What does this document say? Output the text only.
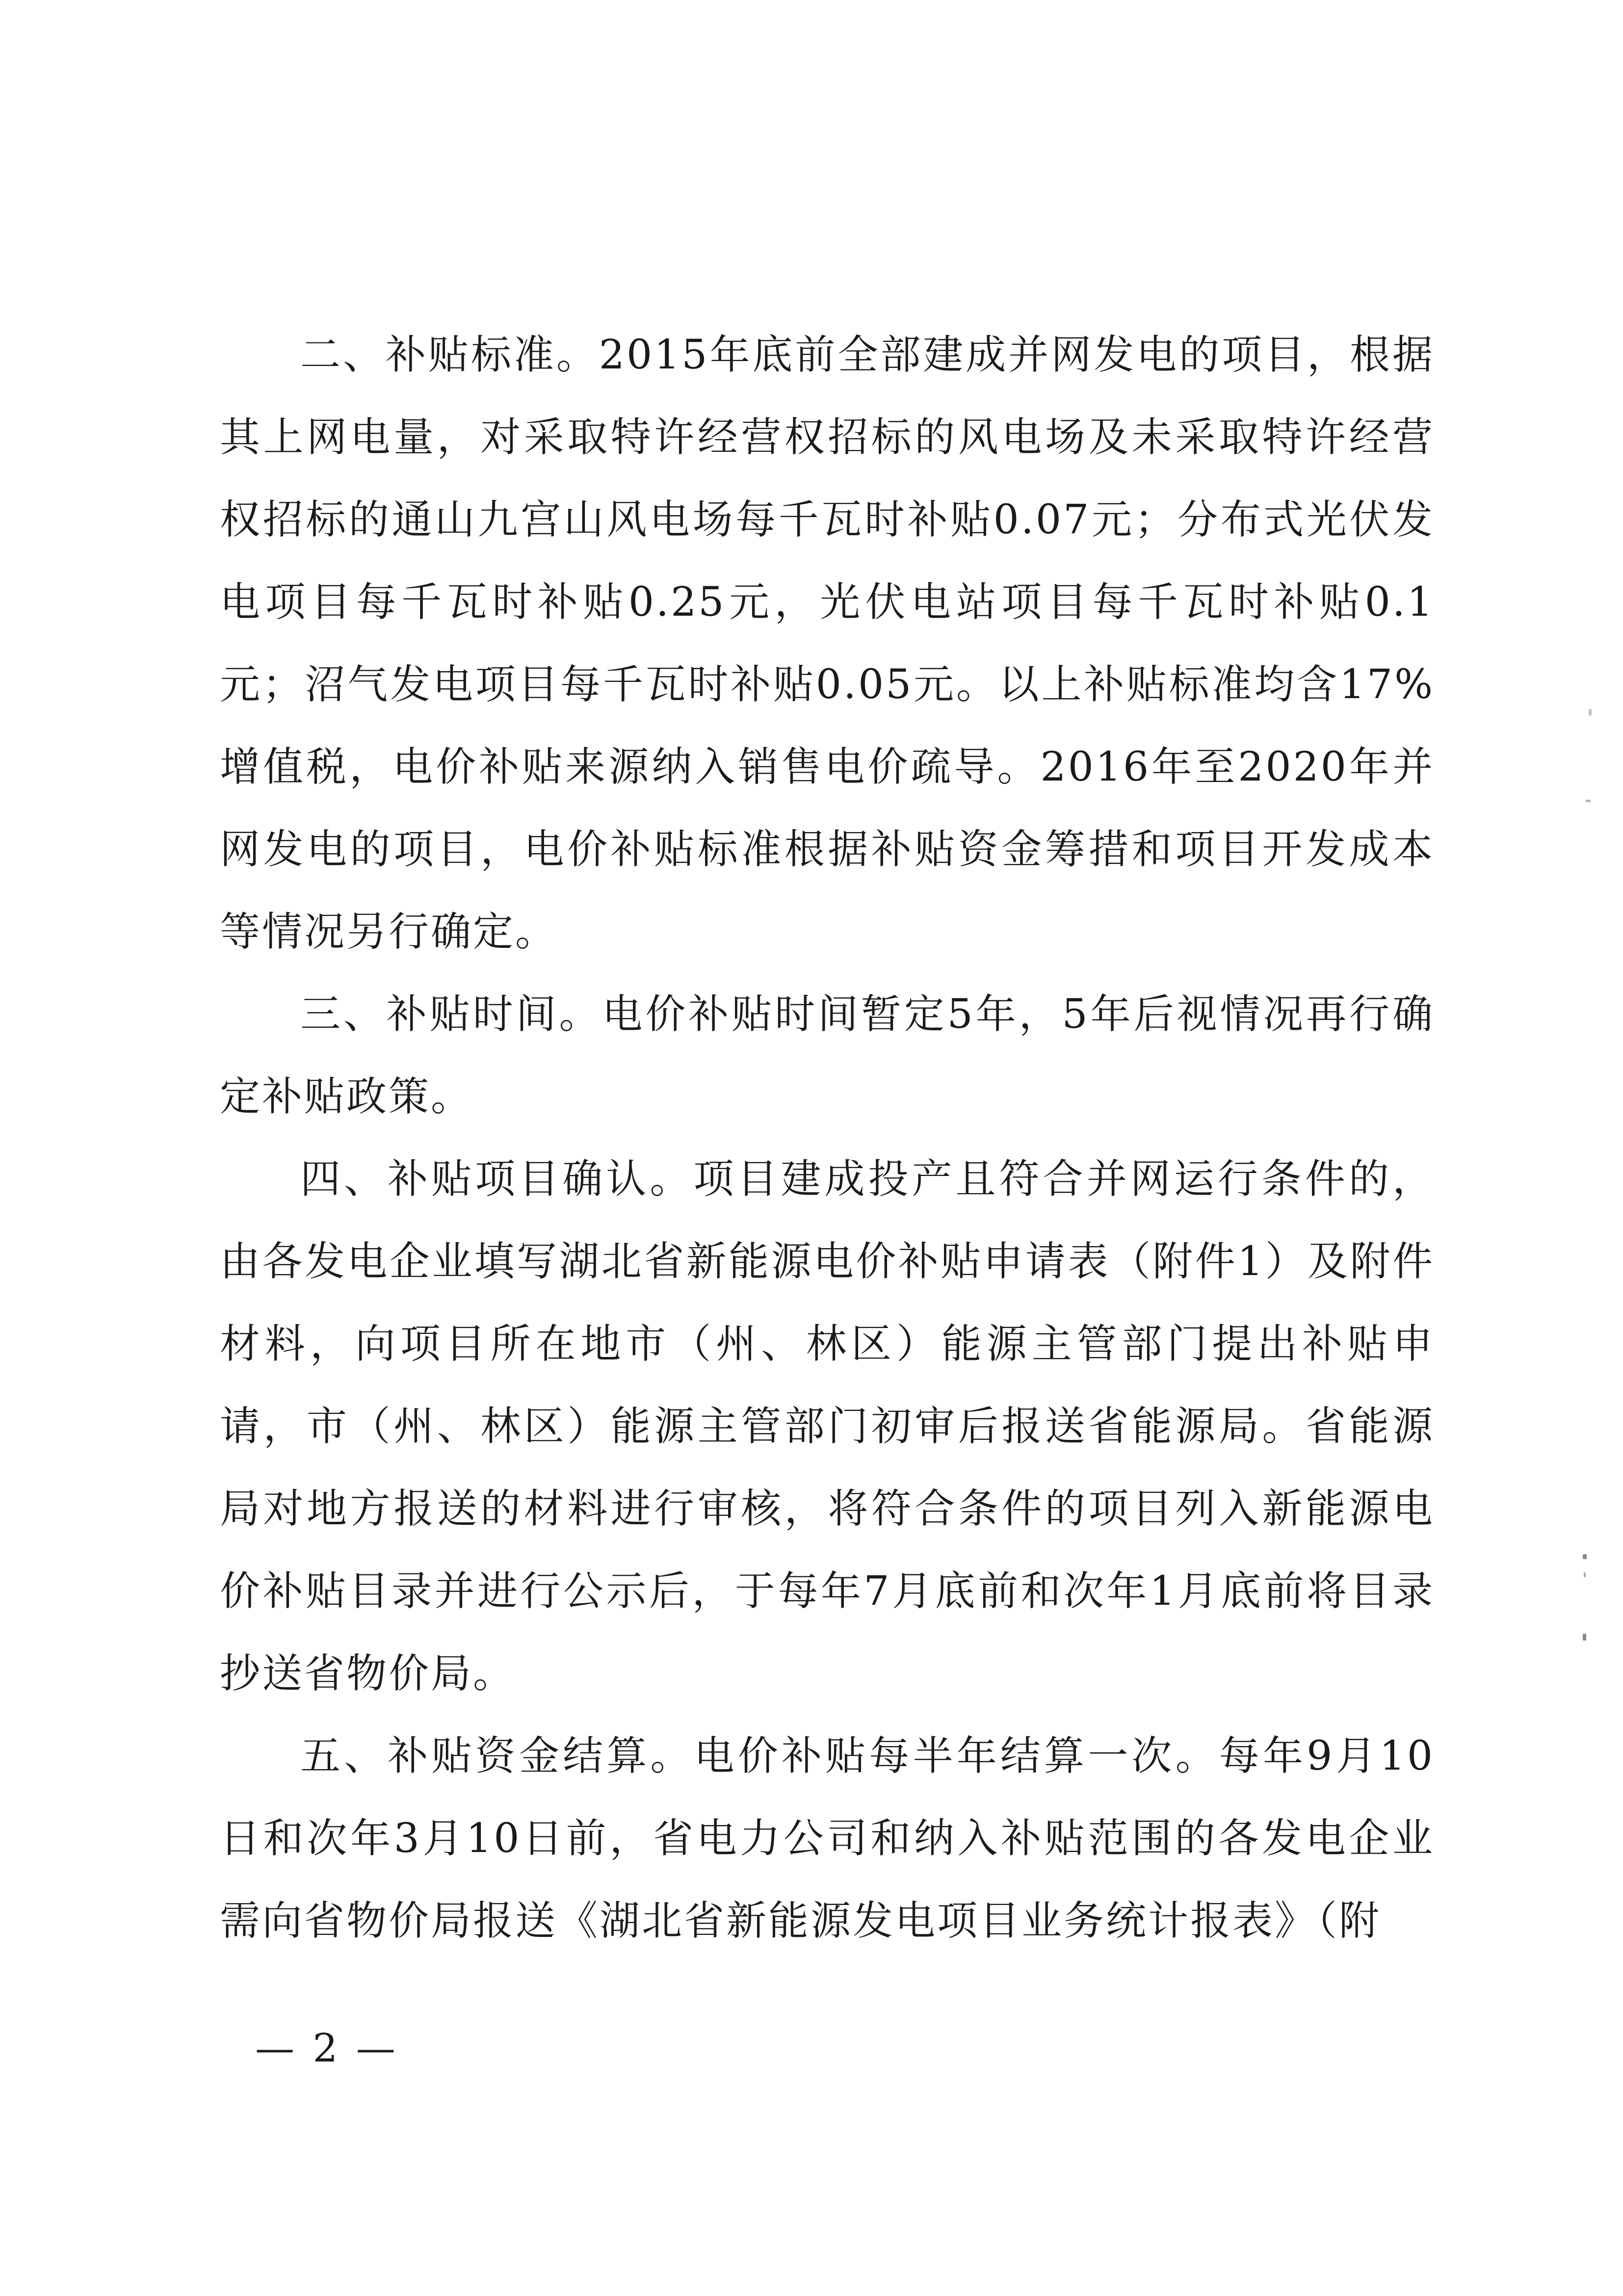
二、补贴标准。2015年底前全部建成并网发电的项目，根据其上网电量，对采取特许经营权招标的风电场及未采取特许经营权招标的通山九宫山风电场每千瓦时补贴0.07元；分布式光伏发电项目每千瓦时补贴0.25元，光伏电站项目每千瓦时补贴0.1元；沼气发电项目每千瓦时补贴0.05元。以上补贴标准均含17%增值税，电价补贴来源纳入销售电价疏导。2016年至2020年并网发电的项目，电价补贴标准根据补贴资金筹措和项目开发成本等情况另行确定。

三、补贴时间。电价补贴时间暂定5年，5年后视情况再行确定补贴政策。

四、补贴项目确认。项目建成投产且符合并网运行条件的，由各发电企业填写湖北省新能源电价补贴申请表（附件1）及附件材料，向项目所在地市（州、林区）能源主管部门提出补贴申请，市（州、林区）能源主管部门初审后报送省能源局。省能源局对地方报送的材料进行审核，将符合条件的项目列入新能源电价补贴目录并进行公示后，于每年7月底前和次年1月底前将目录抄送省物价局。

五、补贴资金结算。电价补贴每半年结算一次。每年9月10日和次年3月10日前，省电力公司和纳入补贴范围的各发电企业需向省物价局报送《湖北省新能源发电项目业务统计报表》（附

— 2 —
